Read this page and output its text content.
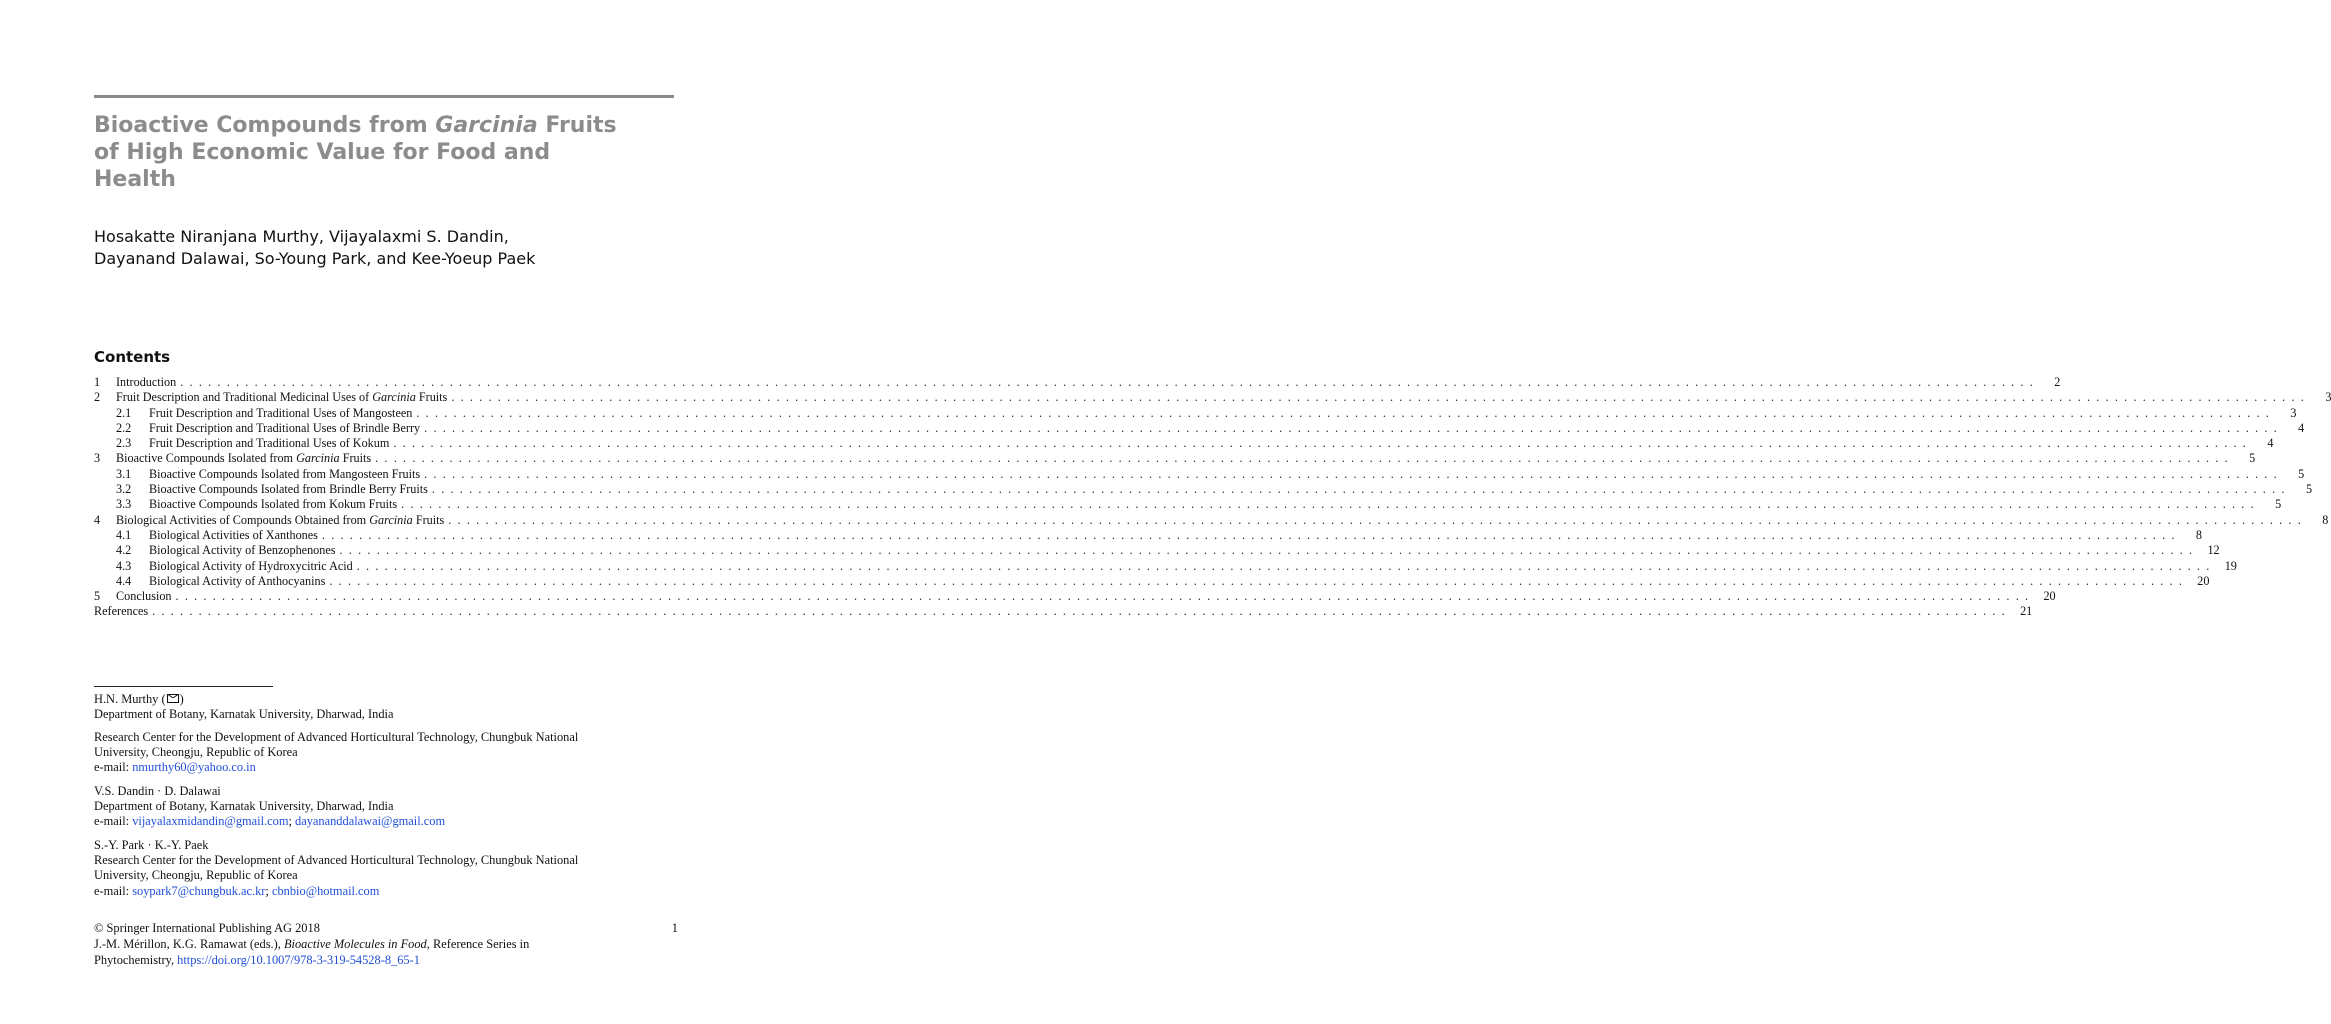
Bioactive Compounds from Garcinia Fruits
of High Economic Value for Food and
Health
Hosakatte Niranjana Murthy, Vijayalaxmi S. Dandin,
Dayanand Dalawai, So-Young Park, and Kee-Yoeup Paek
Contents
1	Introduction . . . . . . . . . . . . . . . . . . . . . . . . . . . . . . . . . . . . . . . . . . . . . . . . . . . . . . . . . . . . . . . . . . . . . . . . . . . . . . . . . . . . . . . . . . . . . . . . . . . . . . . . . . . . . . . . . . . . . . . . . . . . . . . . . . . . . . . . . . . . . . . . . . . . . . . . . . . . . . . . . . . . . . . . . . . . . . . . . . . . . . . . . . . . . . . . . . . . . . . .	2
2	Fruit Description and Traditional Medicinal Uses of Garcinia Fruits . . . . . . . . . . . . . . . . . . . . . . . . . . . . . . . . . . . . . . . . . . . . . . . . . . . . . . . . . . . . . . . . . . . . . . . . . . . . . . . . . . . . . . . . . . . . . . . . . . . . . . . . . . . . . . . . . . . . . . . . . . . . . . . . . . . . . . . . . . . . . . . . . . . . . . . . . . . . . . . . . . . . . . . . . . . . . . . . . . . . . . . . . . . . . . . . . . . . . . . .	3
2.1	Fruit Description and Traditional Uses of Mangosteen . . . . . . . . . . . . . . . . . . . . . . . . . . . . . . . . . . . . . . . . . . . . . . . . . . . . . . . . . . . . . . . . . . . . . . . . . . . . . . . . . . . . . . . . . . . . . . . . . . . . . . . . . . . . . . . . . . . . . . . . . . . . . . . . . . . . . . . . . . . . . . . . . . . . . . . . . . . . . . . . . . . . . . . . . . . . . . . . . . . . . . . . . . . . . . . . . . . . . . . .	3
2.2	Fruit Description and Traditional Uses of Brindle Berry . . . . . . . . . . . . . . . . . . . . . . . . . . . . . . . . . . . . . . . . . . . . . . . . . . . . . . . . . . . . . . . . . . . . . . . . . . . . . . . . . . . . . . . . . . . . . . . . . . . . . . . . . . . . . . . . . . . . . . . . . . . . . . . . . . . . . . . . . . . . . . . . . . . . . . . . . . . . . . . . . . . . . . . . . . . . . . . . . . . . . . . . . . . . . . . . . . . . . . . .	4
2.3	Fruit Description and Traditional Uses of Kokum . . . . . . . . . . . . . . . . . . . . . . . . . . . . . . . . . . . . . . . . . . . . . . . . . . . . . . . . . . . . . . . . . . . . . . . . . . . . . . . . . . . . . . . . . . . . . . . . . . . . . . . . . . . . . . . . . . . . . . . . . . . . . . . . . . . . . . . . . . . . . . . . . . . . . . . . . . . . . . . . . . . . . . . . . . . . . . . . . . . . . . . . . . . . . . . . . . . . . . . .	4
3	Bioactive Compounds Isolated from Garcinia Fruits . . . . . . . . . . . . . . . . . . . . . . . . . . . . . . . . . . . . . . . . . . . . . . . . . . . . . . . . . . . . . . . . . . . . . . . . . . . . . . . . . . . . . . . . . . . . . . . . . . . . . . . . . . . . . . . . . . . . . . . . . . . . . . . . . . . . . . . . . . . . . . . . . . . . . . . . . . . . . . . . . . . . . . . . . . . . . . . . . . . . . . . . . . . . . . . . . . . . . . . .	5
3.1	Bioactive Compounds Isolated from Mangosteen Fruits . . . . . . . . . . . . . . . . . . . . . . . . . . . . . . . . . . . . . . . . . . . . . . . . . . . . . . . . . . . . . . . . . . . . . . . . . . . . . . . . . . . . . . . . . . . . . . . . . . . . . . . . . . . . . . . . . . . . . . . . . . . . . . . . . . . . . . . . . . . . . . . . . . . . . . . . . . . . . . . . . . . . . . . . . . . . . . . . . . . . . . . . . . . . . . . . . . . . . . . .	5
3.2	Bioactive Compounds Isolated from Brindle Berry Fruits . . . . . . . . . . . . . . . . . . . . . . . . . . . . . . . . . . . . . . . . . . . . . . . . . . . . . . . . . . . . . . . . . . . . . . . . . . . . . . . . . . . . . . . . . . . . . . . . . . . . . . . . . . . . . . . . . . . . . . . . . . . . . . . . . . . . . . . . . . . . . . . . . . . . . . . . . . . . . . . . . . . . . . . . . . . . . . . . . . . . . . . . . . . . . . . . . . . . . . . .	5
3.3	Bioactive Compounds Isolated from Kokum Fruits . . . . . . . . . . . . . . . . . . . . . . . . . . . . . . . . . . . . . . . . . . . . . . . . . . . . . . . . . . . . . . . . . . . . . . . . . . . . . . . . . . . . . . . . . . . . . . . . . . . . . . . . . . . . . . . . . . . . . . . . . . . . . . . . . . . . . . . . . . . . . . . . . . . . . . . . . . . . . . . . . . . . . . . . . . . . . . . . . . . . . . . . . . . . . . . . . . . . . . . .	5
4	Biological Activities of Compounds Obtained from Garcinia Fruits . . . . . . . . . . . . . . . . . . . . . . . . . . . . . . . . . . . . . . . . . . . . . . . . . . . . . . . . . . . . . . . . . . . . . . . . . . . . . . . . . . . . . . . . . . . . . . . . . . . . . . . . . . . . . . . . . . . . . . . . . . . . . . . . . . . . . . . . . . . . . . . . . . . . . . . . . . . . . . . . . . . . . . . . . . . . . . . . . . . . . . . . . . . . . . . . . . . . . . . .	8
4.1	Biological Activities of Xanthones . . . . . . . . . . . . . . . . . . . . . . . . . . . . . . . . . . . . . . . . . . . . . . . . . . . . . . . . . . . . . . . . . . . . . . . . . . . . . . . . . . . . . . . . . . . . . . . . . . . . . . . . . . . . . . . . . . . . . . . . . . . . . . . . . . . . . . . . . . . . . . . . . . . . . . . . . . . . . . . . . . . . . . . . . . . . . . . . . . . . . . . . . . . . . . . . . . . . . . . .	8
4.2	Biological Activity of Benzophenones . . . . . . . . . . . . . . . . . . . . . . . . . . . . . . . . . . . . . . . . . . . . . . . . . . . . . . . . . . . . . . . . . . . . . . . . . . . . . . . . . . . . . . . . . . . . . . . . . . . . . . . . . . . . . . . . . . . . . . . . . . . . . . . . . . . . . . . . . . . . . . . . . . . . . . . . . . . . . . . . . . . . . . . . . . . . . . . . . . . . . . . . . . . . . . . . . . . . . . . .	12
4.3	Biological Activity of Hydroxycitric Acid . . . . . . . . . . . . . . . . . . . . . . . . . . . . . . . . . . . . . . . . . . . . . . . . . . . . . . . . . . . . . . . . . . . . . . . . . . . . . . . . . . . . . . . . . . . . . . . . . . . . . . . . . . . . . . . . . . . . . . . . . . . . . . . . . . . . . . . . . . . . . . . . . . . . . . . . . . . . . . . . . . . . . . . . . . . . . . . . . . . . . . . . . . . . . . . . . . . . . . . .	19
4.4	Biological Activity of Anthocyanins . . . . . . . . . . . . . . . . . . . . . . . . . . . . . . . . . . . . . . . . . . . . . . . . . . . . . . . . . . . . . . . . . . . . . . . . . . . . . . . . . . . . . . . . . . . . . . . . . . . . . . . . . . . . . . . . . . . . . . . . . . . . . . . . . . . . . . . . . . . . . . . . . . . . . . . . . . . . . . . . . . . . . . . . . . . . . . . . . . . . . . . . . . . . . . . . . . . . . . . .	20
5	Conclusion . . . . . . . . . . . . . . . . . . . . . . . . . . . . . . . . . . . . . . . . . . . . . . . . . . . . . . . . . . . . . . . . . . . . . . . . . . . . . . . . . . . . . . . . . . . . . . . . . . . . . . . . . . . . . . . . . . . . . . . . . . . . . . . . . . . . . . . . . . . . . . . . . . . . . . . . . . . . . . . . . . . . . . . . . . . . . . . . . . . . . . . . . . . . . . . . . . . . . . . .	20
References . . . . . . . . . . . . . . . . . . . . . . . . . . . . . . . . . . . . . . . . . . . . . . . . . . . . . . . . . . . . . . . . . . . . . . . . . . . . . . . . . . . . . . . . . . . . . . . . . . . . . . . . . . . . . . . . . . . . . . . . . . . . . . . . . . . . . . . . . . . . . . . . . . . . . . . . . . . . . . . . . . . . . . . . . . . . . . . . . . . . . . . . . . . . . . . . . . . . . . . .	21
H.N. Murthy ( )
Department of Botany, Karnatak University, Dharwad, India
Research Center for the Development of Advanced Horticultural Technology, Chungbuk National
University, Cheongju, Republic of Korea
e-mail: nmurthy60@yahoo.co.in
V.S. Dandin · D. Dalawai
Department of Botany, Karnatak University, Dharwad, India
e-mail: vijayalaxmidandin@gmail.com; dayananddalawai@gmail.com
S.-Y. Park · K.-Y. Paek
Research Center for the Development of Advanced Horticultural Technology, Chungbuk National
University, Cheongju, Republic of Korea
e-mail: soypark7@chungbuk.ac.kr; cbnbio@hotmail.com
© Springer International Publishing AG 2018	1
J.-M. Mérillon, K.G. Ramawat (eds.), Bioactive Molecules in Food, Reference Series in
Phytochemistry, https://doi.org/10.1007/978-3-319-54528-8_65-1
